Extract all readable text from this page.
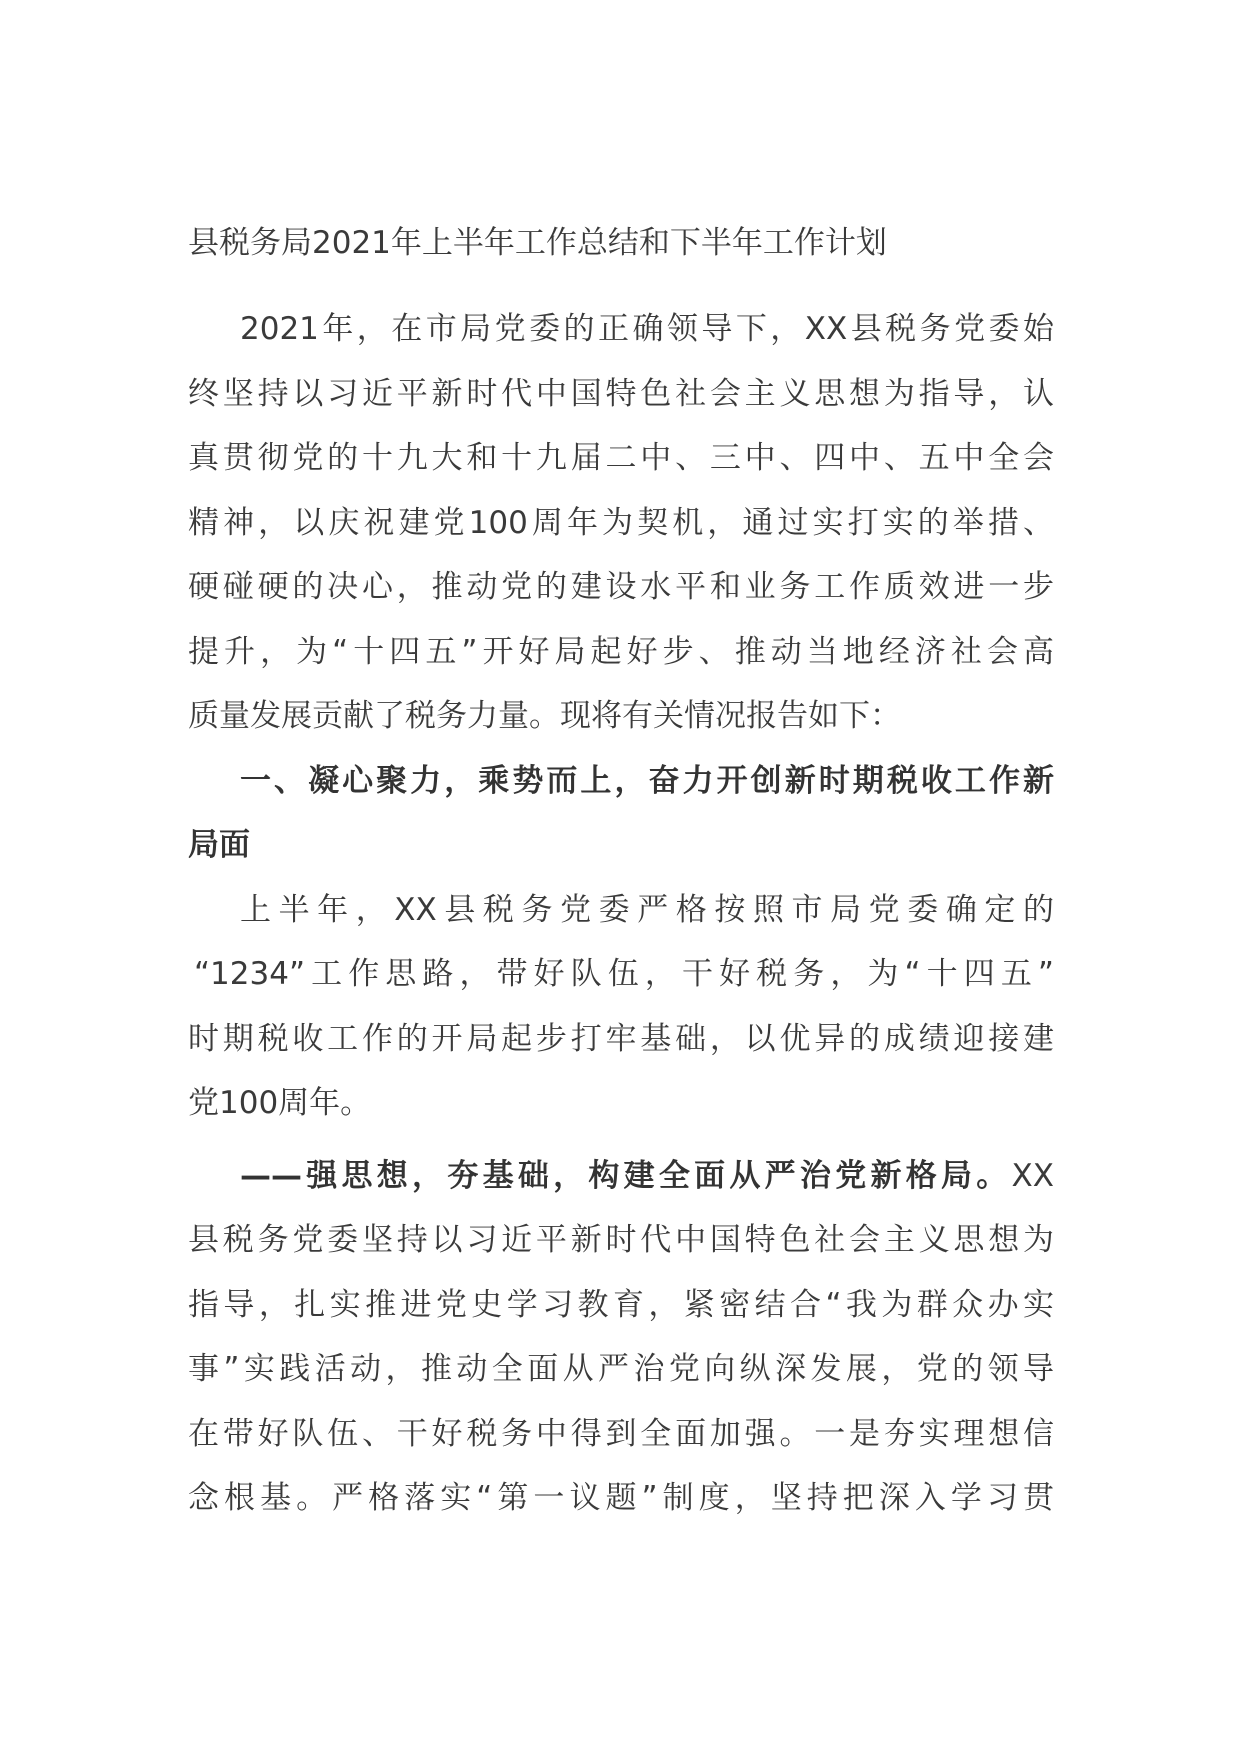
县税务局2021年上半年工作总结和下半年工作计划
2021年，在市局党委的正确领导下，XX县税务党委始
终坚持以习近平新时代中国特色社会主义思想为指导，认
真贯彻党的十九大和十九届二中、三中、四中、五中全会
精神，以庆祝建党100周年为契机，通过实打实的举措、
硬碰硬的决心，推动党的建设水平和业务工作质效进一步
提升，为“十四五”开好局起好步、推动当地经济社会高
质量发展贡献了税务力量。现将有关情况报告如下：
一、凝心聚力，乘势而上，奋力开创新时期税收工作新
局面
上半年，XX县税务党委严格按照市局党委确定的
“1234”工作思路，带好队伍，干好税务，为“十四五”
时期税收工作的开局起步打牢基础，以优异的成绩迎接建
党100周年。
——强思想，夯基础，构建全面从严治党新格局。XX
县税务党委坚持以习近平新时代中国特色社会主义思想为
指导，扎实推进党史学习教育，紧密结合“我为群众办实
事”实践活动，推动全面从严治党向纵深发展，党的领导
在带好队伍、干好税务中得到全面加强。一是夯实理想信
念根基。严格落实“第一议题”制度，坚持把深入学习贯
